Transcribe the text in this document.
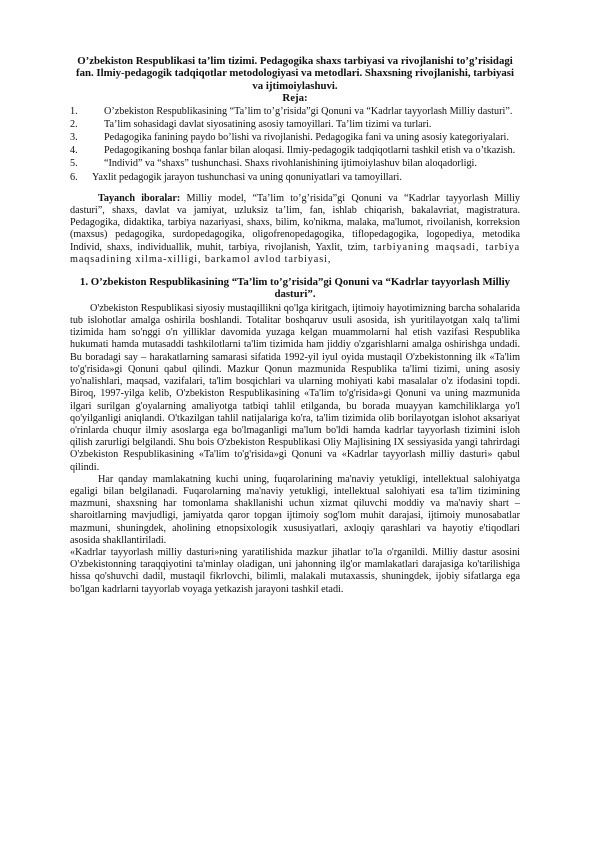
O’zbekiston Respublikasi ta’lim tizimi. Pedagogika shaxs tarbiyasi va rivojlanishi to’g’risidagi fan. Ilmiy-pedagogik tadqiqotlar metodologiyasi va metodlari. Shaxsning rivojlanishi, tarbiyasi va ijtimoiylashuvi.

Reja:

1.	O’zbekiston Respublikasining “Ta’lim to’g’risida”gi Qonuni va “Kadrlar tayyorlash Milliy dasturi”.
2.	Ta’lim sohasidagi davlat siyosatining asosiy tamoyillari. Ta’lim tizimi va turlari.
3.	Pedagogika fanining paydo bo’lishi va rivojlanishi. Pedagogika fani va uning asosiy kategoriyalari.
4.	Pedagogikaning boshqa fanlar bilan aloqasi. Ilmiy-pedagogik tadqiqotlarni tashkil etish va o’tkazish.
5.	“Individ” va “shaxs” tushunchasi. Shaxs rivohlanishining ijtimoiylashuv bilan aloqadorligi.
6. Yaxlit pedagogik jarayon tushunchasi va uning qonuniyatlari va tamoyillari.

Tayanch iboralar: Milliy model, “Ta’lim to’g’risida”gi Qonuni va “Kadrlar tayyorlash Milliy dasturi”, shaxs, davlat va jamiyat, uzluksiz ta’lim, fan, ishlab chiqarish, bakalavriat, magistratura. Pedagogika, didaktika, tarbiya nazariyasi, shaxs, bilim, ko'nikma, malaka, ma'lumot, rivoilanish, korreksion (maxsus) pedagogika, surdopedagogika, oligofrenopedagogika, tiflopedagogika, logopediya, metodika Individ, shaxs, individuallik, muhit, tarbiya, rivojlanish, Yaxlit, tzim, tarbiyaning maqsadi, tarbiya maqsadining xilma-xilligi, barkamol avlod tarbiyasi,

1. O’zbekiston Respublikasining “Ta’lim to’g’risida”gi Qonuni va “Kadrlar tayyorlash Milliy dasturi”.

O'zbekiston Respublikasi siyosiy mustaqillikni qo'lga kiritgach, ijtimoiy hayotimizning barcha sohalarida tub islohotlar amalga oshirila boshlandi. Totalitar boshqaruv usuli asosida, ish yuritilayotgan xalq ta'limi tizimida ham so'nggi o'n yilliklar davomida yuzaga kelgan muammolarni hal etish vazifasi Respublika hukumati hamda mutasaddi tashkilotlarni ta'lim tizimida ham jiddiy o'zgarishlarni amalga oshirishga undadi. Bu boradagi say – harakatlarning samarasi sifatida 1992-yil iyul oyida mustaqil O'zbekistonning ilk «Ta'lim to'g'risida»gi Qonuni qabul qilindi. Mazkur Qonun mazmunida Respublika ta'limi tizimi, uning asosiy yo'nalishlari, maqsad, vazifalari, ta'lim bosqichlari va ularning mohiyati kabi masalalar o'z ifodasini topdi. Biroq, 1997-yilga kelib, O'zbekiston Respublikasining «Ta'lim to'g'risida»gi Qonuni va uning mazmunida ilgari surilgan g'oyalarning amaliyotga tatbiqi tahlil etilganda, bu borada muayyan kamchiliklarga yo'l qo'yilganligi aniqlandi. O'tkazilgan tahlil natijalariga ko'ra, ta'lim tizimida olib borilayotgan islohot aksariyat o'rinlarda chuqur ilmiy asoslarga ega bo'lmaganligi ma'lum bo'ldi hamda kadrlar tayyorlash tizimini isloh qilish zarurligi belgilandi. Shu bois O'zbekiston Respublikasi Oliy Majlisining IX sessiyasida yangi tahrirdagi O'zbekiston Respublikasining «Ta'lim to'g'risida»gi Qonuni va «Kadrlar tayyorlash milliy dasturi» qabul qilindi.

Har qanday mamlakatning kuchi uning, fuqarolarining ma'naviy yetukligi, intellektual salohiyatga egaligi bilan belgilanadi. Fuqarolarning ma'naviy yetukligi, intellektual salohiyati esa ta'lim tizimining mazmuni, shaxsning har tomonlama shakllanishi uchun xizmat qiluvchi moddiy va ma'naviy shart – sharoitlarning mavjudligi, jamiyatda qaror topgan ijtimoiy sog'lom muhit darajasi, ijtimoiy munosabatlar mazmuni, shuningdek, aholining etnopsixologik xususiyatlari, axloqiy qarashlari va hayotiy e'tiqodlari asosida shakllantiriladi.

«Kadrlar tayyorlash milliy dasturi»ning yaratilishida mazkur jihatlar to'la o'rganildi. Milliy dastur asosini O'zbekistonning taraqqiyotini ta'minlay oladigan, uni jahonning ilg'or mamlakatlari darajasiga ko'tarilishiga hissa qo'shuvchi dadil, mustaqil fikrlovchi, bilimli, malakali mutaxassis, shuningdek, ijobiy sifatlarga ega bo'lgan kadrlarni tayyorlab voyaga yetkazish jarayoni tashkil etadi.
